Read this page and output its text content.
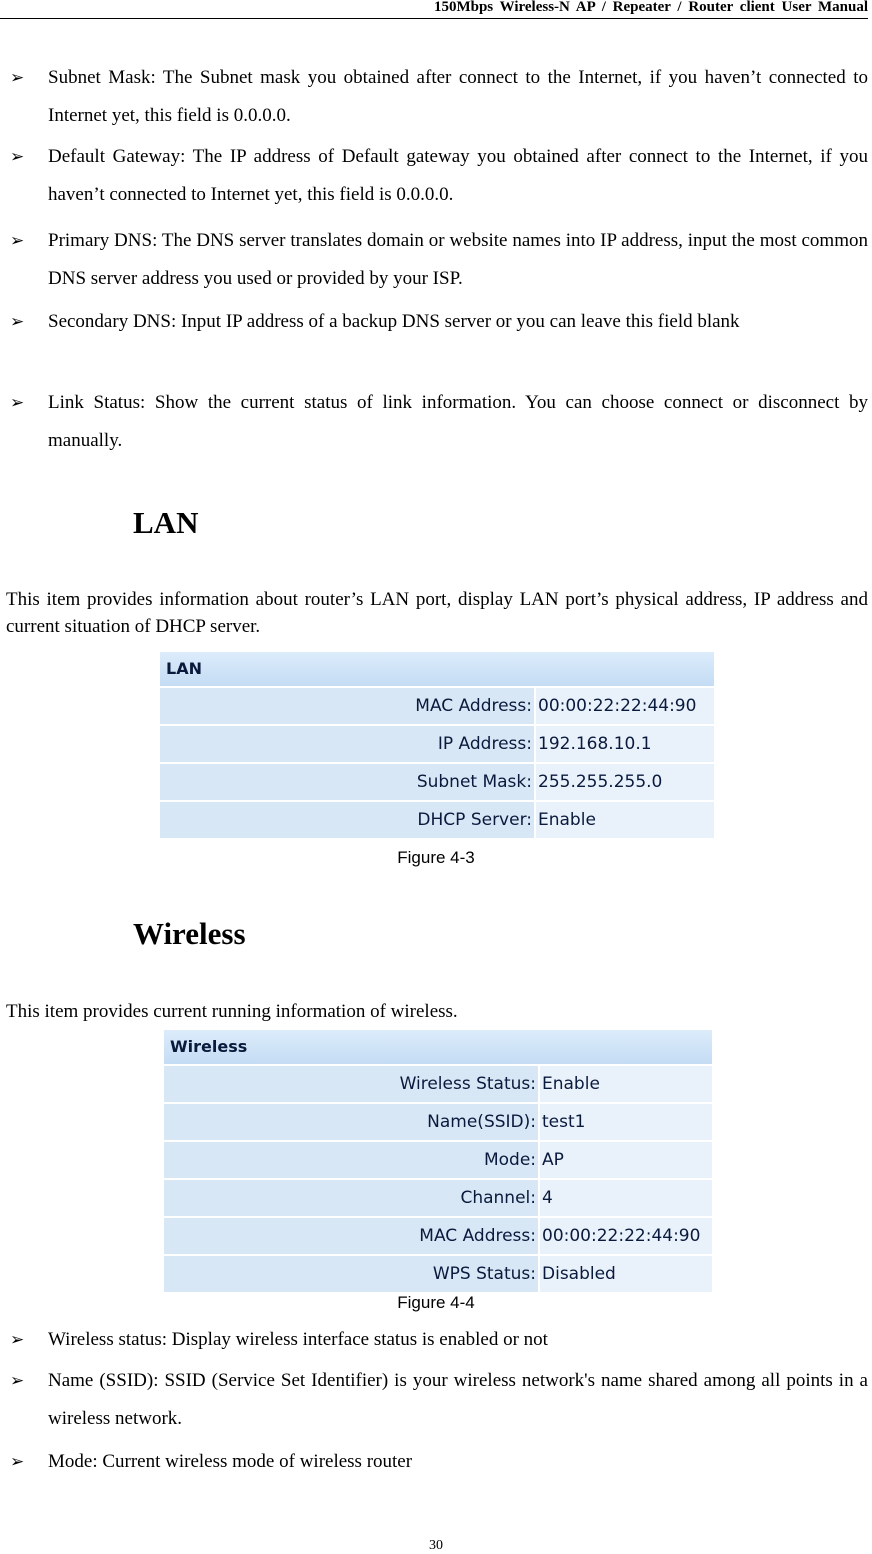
150Mbps Wireless-N AP / Repeater / Router client User Manual
➢	Subnet Mask: The Subnet mask you obtained after connect to the Internet, if you haven’t connected to Internet yet, this field is 0.0.0.0.
➢	Default Gateway: The IP address of Default gateway you obtained after connect to the Internet, if you haven’t connected to Internet yet, this field is 0.0.0.0.
➢	Primary DNS: The DNS server translates domain or website names into IP address, input the most common DNS server address you used or provided by your ISP.
➢	Secondary DNS: Input IP address of a backup DNS server or you can leave this field blank
➢	Link Status: Show the current status of link information. You can choose connect or disconnect by manually.
LAN
This item provides information about router’s LAN port, display LAN port’s physical address, IP address and current situation of DHCP server.
LAN
MAC Address: 00:00:22:22:44:90
IP Address: 192.168.10.1
Subnet Mask: 255.255.255.0
DHCP Server: Enable
Figure 4-3
Wireless
This item provides current running information of wireless.
Wireless
Wireless Status: Enable
Name(SSID): test1
Mode: AP
Channel: 4
MAC Address: 00:00:22:22:44:90
WPS Status: Disabled
Figure 4-4
➢	Wireless status: Display wireless interface status is enabled or not
➢	Name (SSID): SSID (Service Set Identifier) is your wireless network's name shared among all points in a wireless network.
➢	Mode: Current wireless mode of wireless router
30
